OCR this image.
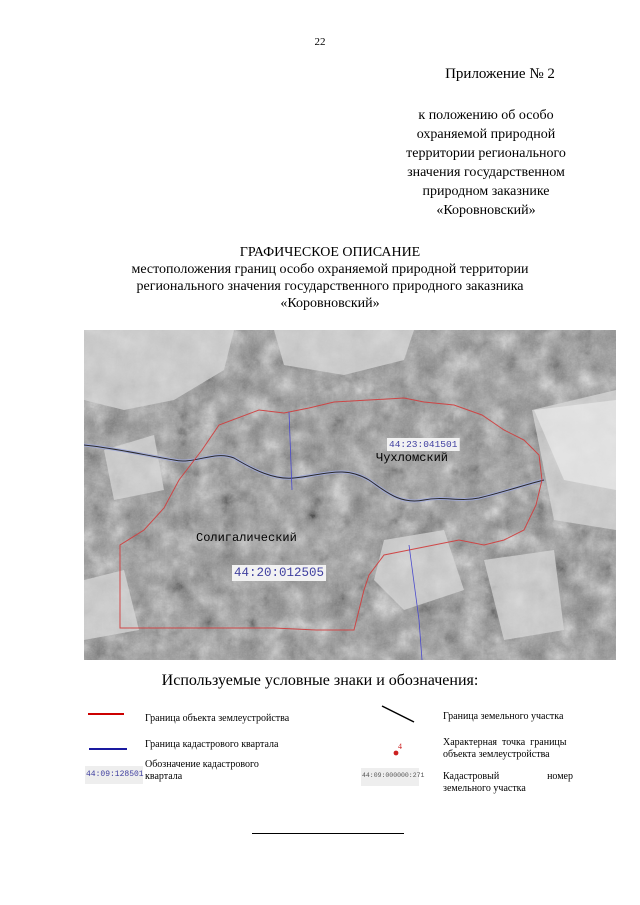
22
Приложение № 2
к положению об особо
охраняемой природной
территории регионального
значения государственном
природном заказнике
«Коровновский»
ГРАФИЧЕСКОЕ ОПИСАНИЕ
местоположения границ особо охраняемой природной территории
регионального значения государственного природного заказника
«Коровновский»
44:23:041501
Чухломский
Солигалический
44:20:012505
Используемые условные знаки и обозначения:
Граница объекта землеустройства
Граница кадастрового квартала
44:09:128501
Обозначение кадастрового
квартала
Граница земельного участка
4	Характерная  точка  границы
объекта землеустройства
44:09:000000:271 Кадастровый	номер
земельного участка
